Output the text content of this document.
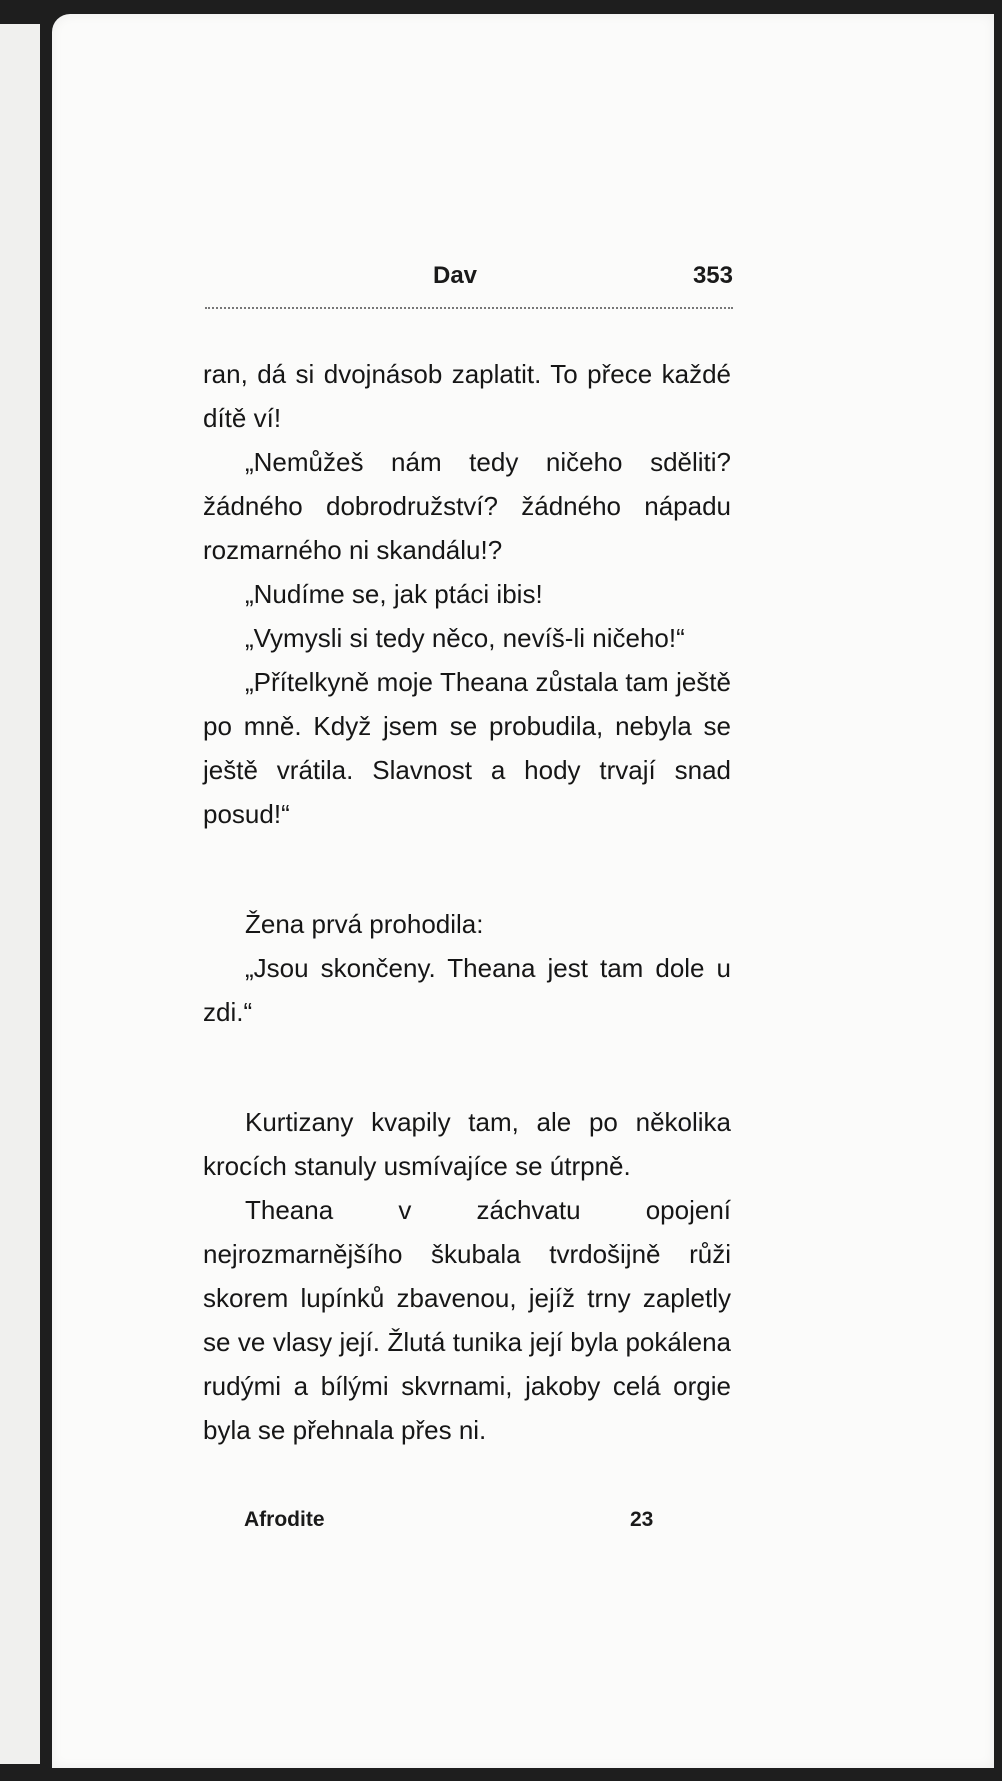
Dav	353

ran, dá si dvojnásob zaplatit. To přece každé dítě ví!

„Nemůžeš nám tedy ničeho sděliti? žádného dobrodružství? žádného nápadu rozmarného ni skandálu!?

„Nudíme se, jak ptáci ibis!

„Vymysli si tedy něco, nevíš-li ničeho!“

„Přítelkyně moje Theana zůstala tam ještě po mně. Když jsem se probudila, nebyla se ještě vrátila. Slavnost a hody trvají snad posud!“

Žena prvá prohodila:

„Jsou skončeny. Theana jest tam dole u zdi.“

Kurtizany kvapily tam, ale po několika krocích stanuly usmívajíce se útrpně.

Theana v záchvatu opojení nejrozmarnějšího škubala tvrdošijně růži skorem lupínků zbavenou, jejíž trny zapletly se ve vlasy její. Žlutá tunika její byla pokálena rudými a bílými skvrnami, jakoby celá orgie byla se přehnala přes ni.

Afrodite	23
